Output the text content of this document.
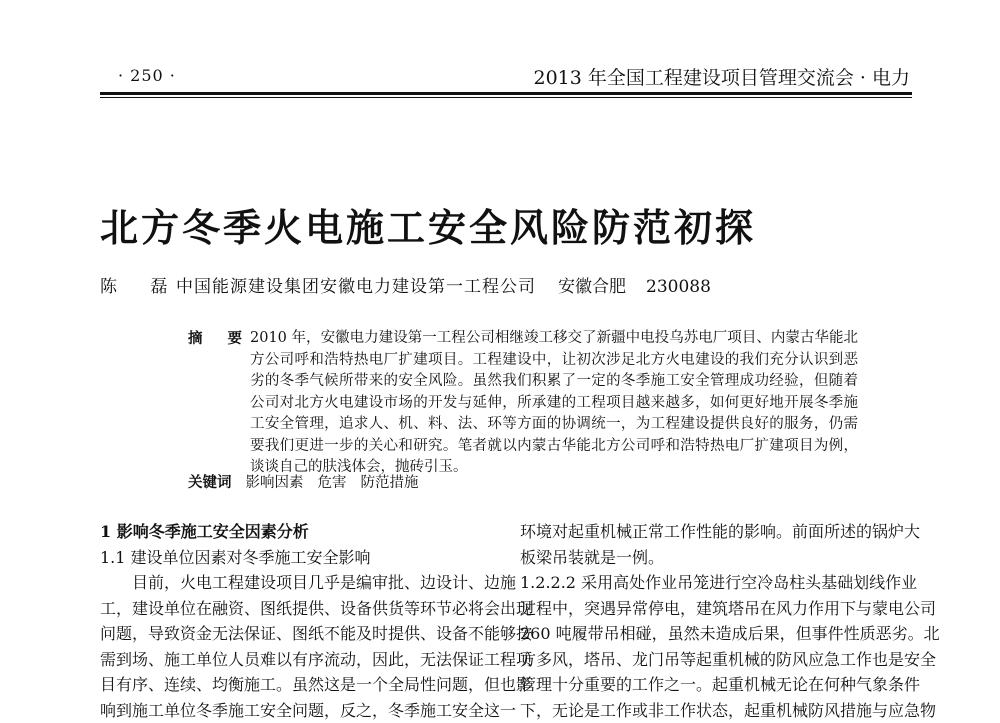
· 250 ·	2013 年全国工程建设项目管理交流会 · 电力
北方冬季火电施工安全风险防范初探
陈 磊中国能源建设集团安徽电力建设第一工程公司 安徽合肥 230088
摘 要
2010 年，安徽电力建设第一工程公司相继竣工移交了新疆中电投乌苏电厂项目、内蒙古华能北方公司呼和浩特热电厂扩建项目。工程建设中，让初次涉足北方火电建设的我们充分认识到恶劣的冬季气候所带来的安全风险。虽然我们积累了一定的冬季施工安全管理成功经验，但随着公司对北方火电建设市场的开发与延伸，所承建的工程项目越来越多，如何更好地开展冬季施工安全管理，追求人、机、料、法、环等方面的协调统一，为工程建设提供良好的服务，仍需要我们更进一步的关心和研究。笔者就以内蒙古华能北方公司呼和浩特热电厂扩建项目为例，谈谈自己的肤浅体会，抛砖引玉。
关键词 影响因素 危害 防范措施
1 影响冬季施工安全因素分析
1.1 建设单位因素对冬季施工安全影响
目前，火电工程建设项目几乎是编审批、边设计、边施
工，建设单位在融资、图纸提供、设备供货等环节必将会出现
问题，导致资金无法保证、图纸不能及时提供、设备不能够按
需到场、施工单位人员难以有序流动，因此，无法保证工程项
目有序、连续、均衡施工。虽然这是一个全局性问题，但也影
响到施工单位冬季施工安全问题，反之，冬季施工安全这一
环境对起重机械正常工作性能的影响。前面所述的锅炉大
板梁吊装就是一例。
1.2.2.2 采用高处作业吊笼进行空冷岛柱头基础划线作业
过程中，突遇异常停电，建筑塔吊在风力作用下与蒙电公司
260 吨履带吊相碰，虽然未造成后果，但事件性质恶劣。北
方多风，塔吊、龙门吊等起重机械的防风应急工作也是安全
管理十分重要的工作之一。起重机械无论在何种气象条件
下，无论是工作或非工作状态，起重机械防风措施与应急物
